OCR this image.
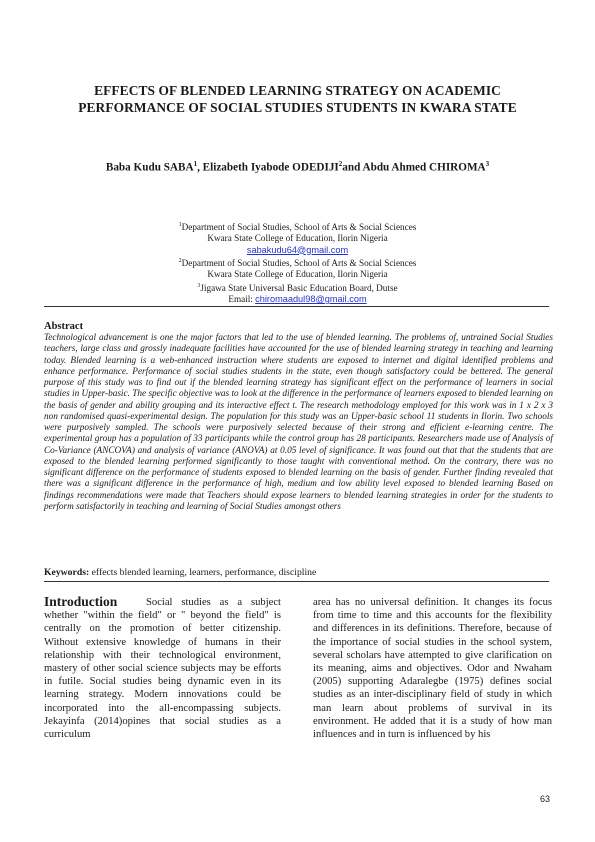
EFFECTS OF BLENDED LEARNING STRATEGY ON ACADEMIC
PERFORMANCE OF SOCIAL STUDIES STUDENTS IN KWARA STATE
Baba Kudu SABA$^1$, Elizabeth Iyabode ODEDIJI$^2$and Abdu Ahmed CHIROMA$^3$
$^1$Department of Social Studies, School of Arts & Social Sciences
Kwara State College of Education, Ilorin Nigeria
sabakudu64@gmail.com
$^2$Department of Social Studies, School of Arts & Social Sciences
Kwara State College of Education, Ilorin Nigeria
$^3$Jigawa State Universal Basic Education Board, Dutse
Email: chiromaadul98@gmail.com
Abstract
Technological advancement is one the major factors that led to the use of blended learning. The problems of, untrained Social Studies teachers, large class and grossly inadequate facilities have accounted for the use of blended learning strategy in teaching and learning today. Blended learning is a web-enhanced instruction where students are exposed to internet and digital identified problems and enhance performance. Performance of social studies students in the state, even though satisfactory could be bettered. The general purpose of this study was to find out if the blended learning strategy has significant effect on the performance of learners in social studies in Upper-basic. The specific objective was to look at the difference in the performance of learners exposed to blended learning on the basis of gender and ability grouping and its interactive effect t. The research methodology employed for this work was in 1 x 2 x 3 non randomised quasi-experimental design. The population for this study was an Upper-basic school 11 students in Ilorin. Two schools were purposively sampled. The schools were purposively selected because of their strong and efficient e-learning centre. The experimental group has a population of 33 participants while the control group has 28 participants. Researchers made use of Analysis of Co-Variance (ANCOVA) and analysis of variance (ANOVA) at 0.05 level of significance. It was found out that that the students that are exposed to the blended learning performed significantly to those taught with conventional method. On the contrary, there was no significant difference on the performance of students exposed to blended learning on the basis of gender. Further finding revealed that there was a significant difference in the performance of high, medium and low ability level exposed to blended learning Based on findings recommendations were made that Teachers should expose learners to blended learning strategies in order for the students to perform satisfactorily in teaching and learning of Social Studies amongst others
Keywords: effects blended learning, learners, performance, discipline
Introduction	Social studies as a subject whether "within the field" or " beyond the field" is centrally on the promotion of better citizenship. Without extensive knowledge of humans in their relationship with their technological environment, mastery of other social science subjects may be efforts in futile. Social studies being dynamic even in its learning strategy. Modern innovations could be incorporated into the all-encompassing subjects. Jekayinfa (2014)opines that social studies as a curriculum
area has no universal definition. It changes its focus from time to time and this accounts for the flexibility and differences in its definitions. Therefore, because of the importance of social studies in the school system, several scholars have attempted to give clarification on its meaning, aims and objectives. Odor and Nwaham (2005) supporting Adaralegbe (1975) defines social studies as an inter-disciplinary field of study in which man learn about problems of survival in its environment. He added that it is a study of how man influences and in turn is influenced by his
63
